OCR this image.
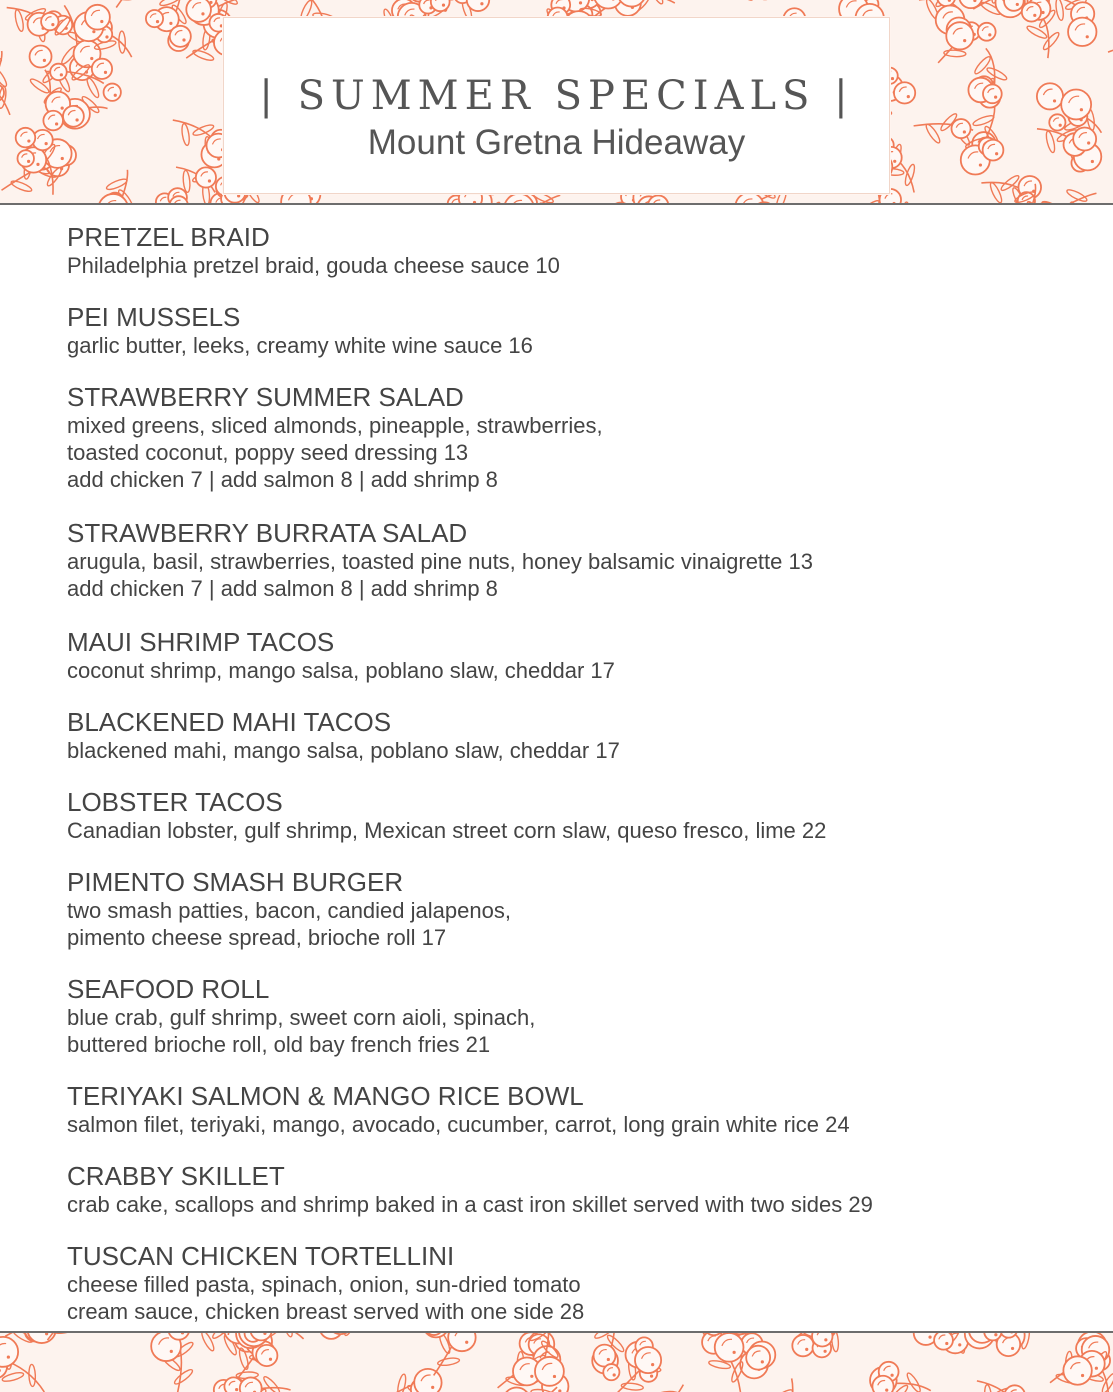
| SUMMER SPECIALS |
Mount Gretna Hideaway
PRETZEL BRAID
Philadelphia pretzel braid, gouda cheese sauce 10
PEI MUSSELS
garlic butter, leeks, creamy white wine sauce 16
STRAWBERRY SUMMER SALAD
mixed greens, sliced almonds, pineapple, strawberries,
toasted coconut, poppy seed dressing 13
add chicken 7 | add salmon 8 | add shrimp 8
STRAWBERRY BURRATA SALAD
arugula, basil, strawberries, toasted pine nuts, honey balsamic vinaigrette 13
add chicken 7 | add salmon 8 | add shrimp 8
MAUI SHRIMP TACOS
coconut shrimp, mango salsa, poblano slaw, cheddar 17
BLACKENED MAHI TACOS
blackened mahi, mango salsa, poblano slaw, cheddar 17
LOBSTER TACOS
Canadian lobster, gulf shrimp, Mexican street corn slaw, queso fresco, lime 22
PIMENTO SMASH BURGER
two smash patties, bacon, candied jalapenos,
pimento cheese spread, brioche roll 17
SEAFOOD ROLL
blue crab, gulf shrimp, sweet corn aioli, spinach,
buttered brioche roll, old bay french fries 21
TERIYAKI SALMON & MANGO RICE BOWL
salmon filet, teriyaki, mango, avocado, cucumber, carrot, long grain white rice 24
CRABBY SKILLET
crab cake, scallops and shrimp baked in a cast iron skillet served with two sides 29
TUSCAN CHICKEN TORTELLINI
cheese filled pasta, spinach, onion, sun-dried tomato
cream sauce, chicken breast served with one side 28
